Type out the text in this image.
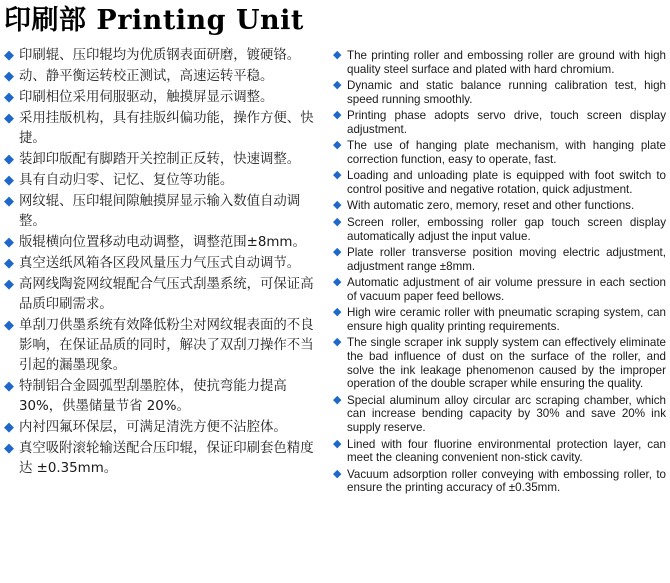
印刷部 Printing Unit
◆ 印刷辊、压印辊均为优质钢表面研磨，镀硬铬。
◆ 动、静平衡运转校正测试，高速运转平稳。
◆ 印刷相位采用伺服驱动，触摸屏显示调整。
◆ 采用挂版机构，具有挂版纠偏功能，操作方便、快捷。
◆ 装卸印版配有脚踏开关控制正反转，快速调整。
◆ 具有自动归零、记忆、复位等功能。
◆ 网纹辊、压印辊间隙触摸屏显示输入数值自动调整。
◆ 版辊横向位置移动电动调整，调整范围±8mm。
◆ 真空送纸风箱各区段风量压力气压式自动调节。
◆ 高网线陶瓷网纹辊配合气压式刮墨系统，可保证高品质印刷需求。
◆ 单刮刀供墨系统有效降低粉尘对网纹辊表面的不良影响，在保证品质的同时，解决了双刮刀操作不当引起的漏墨现象。
◆ 特制铝合金圆弧型刮墨腔体，使抗弯能力提高 30%，供墨储量节省 20%。
◆ 内衬四氟环保层，可满足清洗方便不沾腔体。
◆ 真空吸附滚轮输送配合压印辊，保证印刷套色精度达 ±0.35mm。
◆ The printing roller and embossing roller are ground with high quality steel surface and plated with hard chromium.
◆ Dynamic and static balance running calibration test, high speed running smoothly.
◆ Printing phase adopts servo drive, touch screen display adjustment.
◆ The use of hanging plate mechanism, with hanging plate correction function, easy to operate, fast.
◆ Loading and unloading plate is equipped with foot switch to control positive and negative rotation, quick adjustment.
◆ With automatic zero, memory, reset and other functions.
◆ Screen roller, embossing roller gap touch screen display automatically adjust the input value.
◆ Plate roller transverse position moving electric adjustment, adjustment range ±8mm.
◆ Automatic adjustment of air volume pressure in each section of vacuum paper feed bellows.
◆ High wire ceramic roller with pneumatic scraping system, can ensure high quality printing requirements.
◆ The single scraper ink supply system can effectively eliminate the bad influence of dust on the surface of the roller, and solve the ink leakage phenomenon caused by the improper operation of the double scraper while ensuring the quality.
◆ Special aluminum alloy circular arc scraping chamber, which can increase bending capacity by 30% and save 20% ink supply reserve.
◆ Lined with four fluorine environmental protection layer, can meet the cleaning convenient non-stick cavity.
◆ Vacuum adsorption roller conveying with embossing roller, to ensure the printing accuracy of ±0.35mm.
